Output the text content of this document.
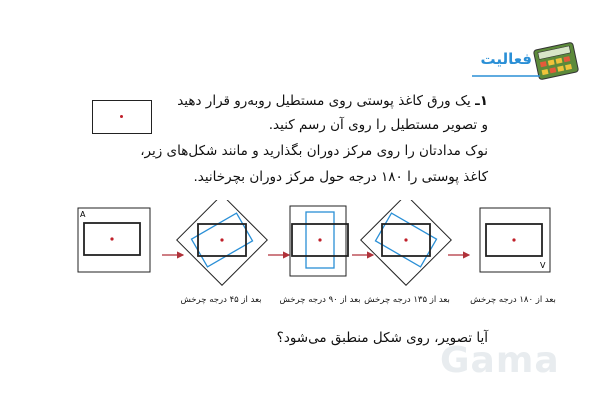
فعالیت
۱ـ یک ورق کاغذ پوستی روی مستطیل روبه‌رو قرار دهید
و تصویر مستطیل را روی آن رسم کنید.
نوک مدادتان را روی مرکز دوران بگذارید و مانند شکل‌های زیر،
کاغذ پوستی را ۱۸۰ درجه حول مرکز دوران بچرخانید.
A
V
بعد از ۴۵ درجه چرخش	بعد از ۹۰ درجه چرخش بعد از ۱۳۵ درجه چرخش	بعد از ۱۸۰ درجه چرخش
آیا تصویر، روی شکل منطبق می‌شود؟
Gama
